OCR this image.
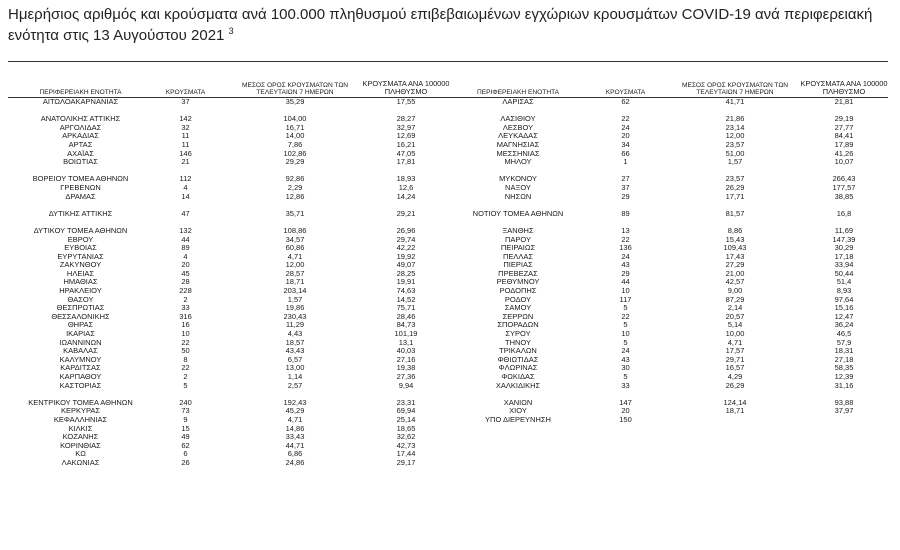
Ημερήσιος αριθμός και κρούσματα ανά 100.000 πληθυσμού επιβεβαιωμένων εγχώριων κρουσμάτων COVID-19 ανά περιφερειακή
ενότητα στις 13 Αυγούστου 2021 $^3$
ΠΕΡΙΦΕΡΕΙΑΚΗ ΕΝΟΤΗΤΑ	ΚΡΟΥΣΜΑΤΑ
ΜΕΣΟΣ ΟΡΟΣ ΚΡΟΥΣΜΑΤΩΝ ΤΩΝ
ΤΕΛΕΥΤΑΙΩΝ 7 ΗΜΕΡΩΝ
ΚΡΟΥΣΜΑΤΑ ΑΝΑ 100000
ΠΛΗΘΥΣΜΟ	ΠΕΡΙΦΕΡΕΙΑΚΗ ΕΝΟΤΗΤΑ	ΚΡΟΥΣΜΑΤΑ
ΜΕΣΟΣ ΟΡΟΣ ΚΡΟΥΣΜΑΤΩΝ ΤΩΝ
ΤΕΛΕΥΤΑΙΩΝ 7 ΗΜΕΡΩΝ
ΚΡΟΥΣΜΑΤΑ ΑΝΑ 100000
ΠΛΗΘΥΣΜΟ
ΑΙΤΩΛΟΑΚΑΡΝΑΝΙΑΣ	37	35,29	17,55	ΛΑΡΙΣΑΣ	62	41,71	21,81
ΑΝΑΤΟΛΙΚΗΣ ΑΤΤΙΚΗΣ	142	104,00	28,27	ΛΑΣΙΘΙΟΥ	22	21,86	29,19
ΑΡΓΟΛΙΔΑΣ	32	16,71	32,97	ΛΕΣΒΟΥ	24	23,14	27,77
ΑΡΚΑΔΙΑΣ	11	14,00	12,69	ΛΕΥΚΑΔΑΣ	20	12,00	84,41
ΑΡΤΑΣ	11	7,86	16,21	ΜΑΓΝΗΣΙΑΣ	34	23,57	17,89
ΑΧΑΪΑΣ	146	102,86	47,05	ΜΕΣΣΗΝΙΑΣ	66	51,00	41,26
ΒΟΙΩΤΙΑΣ	21	29,29	17,81	ΜΗΛΟΥ	1	1,57	10,07
ΒΟΡΕΙΟΥ ΤΟΜΕΑ ΑΘΗΝΩΝ	112	92,86	18,93	ΜΥΚΟΝΟΥ	27	23,57	266,43
ΓΡΕΒΕΝΩΝ	4	2,29	12,6	ΝΑΞΟΥ	37	26,29	177,57
ΔΡΑΜΑΣ	14	12,86	14,24	ΝΗΣΩΝ	29	17,71	38,85
ΔΥΤΙΚΗΣ ΑΤΤΙΚΗΣ	47	35,71	29,21	ΝΟΤΙΟΥ ΤΟΜΕΑ ΑΘΗΝΩΝ	89	81,57	16,8
ΔΥΤΙΚΟΥ ΤΟΜΕΑ ΑΘΗΝΩΝ	132	108,86	26,96	ΞΑΝΘΗΣ	13	8,86	11,69
ΕΒΡΟΥ	44	34,57	29,74	ΠΑΡΟΥ	22	15,43	147,39
ΕΥΒΟΙΑΣ	89	60,86	42,22	ΠΕΙΡΑΙΩΣ	136	109,43	30,29
ΕΥΡΥΤΑΝΙΑΣ	4	4,71	19,92	ΠΕΛΛΑΣ	24	17,43	17,18
ΖΑΚΥΝΘΟΥ	20	12,00	49,07	ΠΙΕΡΙΑΣ	43	27,29	33,94
ΗΛΕΙΑΣ	45	28,57	28,25	ΠΡΕΒΕΖΑΣ	29	21,00	50,44
ΗΜΑΘΙΑΣ	28	18,71	19,91	ΡΕΘΥΜΝΟΥ	44	42,57	51,4
ΗΡΑΚΛΕΙΟΥ	228	203,14	74,63	ΡΟΔΟΠΗΣ	10	9,00	8,93
ΘΑΣΟΥ	2	1,57	14,52	ΡΟΔΟΥ	117	87,29	97,64
ΘΕΣΠΡΩΤΙΑΣ	33	19,86	75,71	ΣΑΜΟΥ	5	2,14	15,16
ΘΕΣΣΑΛΟΝΙΚΗΣ	316	230,43	28,46	ΣΕΡΡΩΝ	22	20,57	12,47
ΘΗΡΑΣ	16	11,29	84,73	ΣΠΟΡΑΔΩΝ	5	5,14	36,24
ΙΚΑΡΙΑΣ	10	4,43	101,19	ΣΥΡΟΥ	10	10,00	46,5
ΙΩΑΝΝΙΝΩΝ	22	18,57	13,1	ΤΗΝΟΥ	5	4,71	57,9
ΚΑΒΑΛΑΣ	50	43,43	40,03	ΤΡΙΚΑΛΩΝ	24	17,57	18,31
ΚΑΛΥΜΝΟΥ	8	6,57	27,16	ΦΘΙΩΤΙΔΑΣ	43	29,71	27,18
ΚΑΡΔΙΤΣΑΣ	22	13,00	19,38	ΦΛΩΡΙΝΑΣ	30	16,57	58,35
ΚΑΡΠΑΘΟΥ	2	1,14	27,36	ΦΩΚΙΔΑΣ	5	4,29	12,39
ΚΑΣΤΟΡΙΑΣ	5	2,57	9,94	ΧΑΛΚΙΔΙΚΗΣ	33	26,29	31,16
ΚΕΝΤΡΙΚΟΥ ΤΟΜΕΑ ΑΘΗΝΩΝ	240	192,43	23,31	ΧΑΝΙΩΝ	147	124,14	93,88
ΚΕΡΚΥΡΑΣ	73	45,29	69,94	ΧΙΟΥ	20	18,71	37,97
ΚΕΦΑΛΛΗΝΙΑΣ	9	4,71	25,14	ΥΠΟ ΔΙΕΡΕΥΝΗΣΗ	150
ΚΙΛΚΙΣ	15	14,86	18,65
ΚΟΖΑΝΗΣ	49	33,43	32,62
ΚΟΡΙΝΘΙΑΣ	62	44,71	42,73
ΚΩ	6	6,86	17,44
ΛΑΚΩΝΙΑΣ	26	24,86	29,17
